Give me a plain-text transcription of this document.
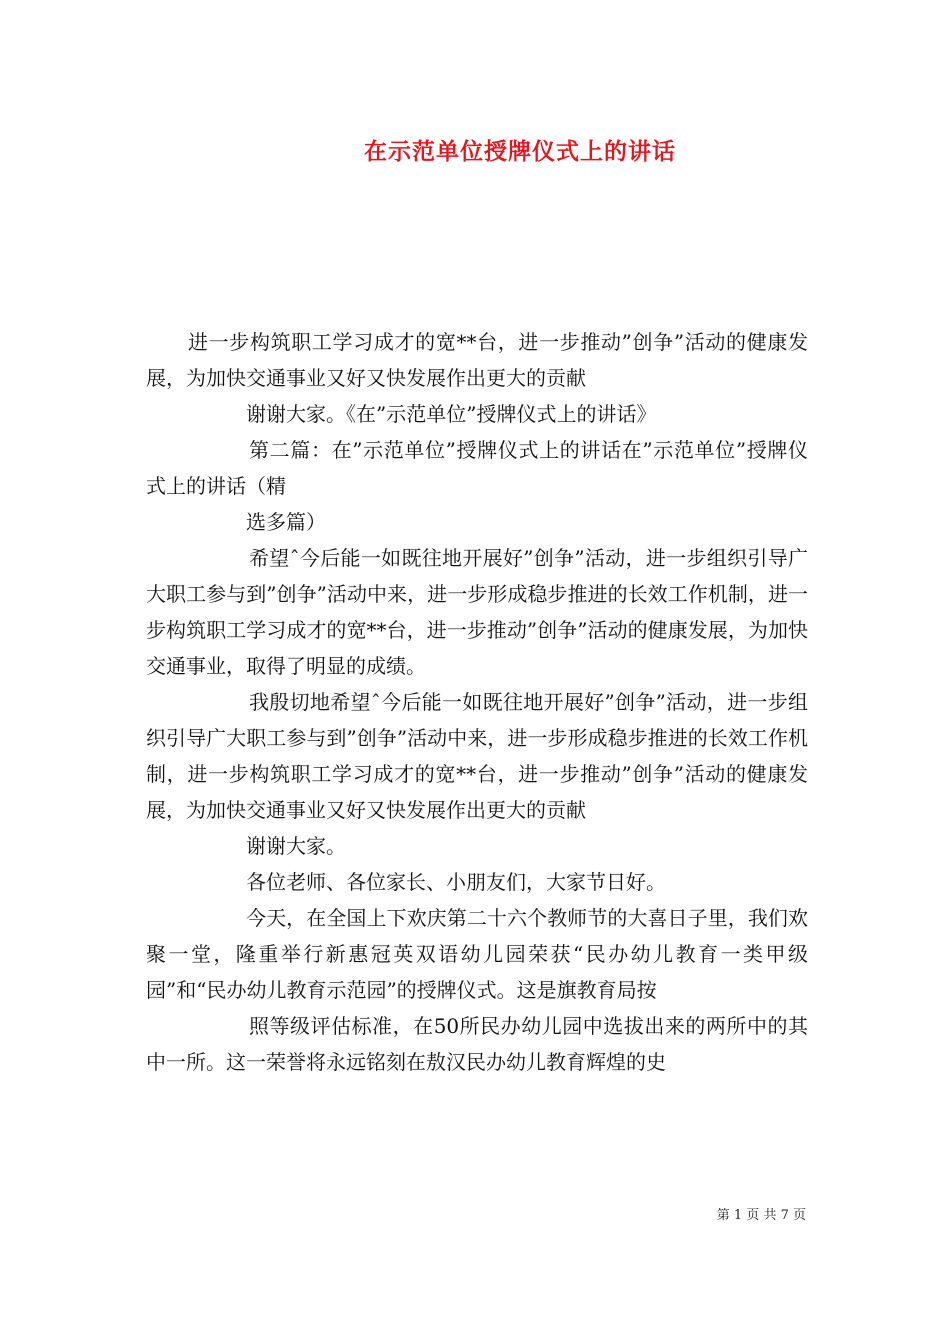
在示范单位授牌仪式上的讲话

进一步构筑职工学习成才的宽**台，进一步推动”创争”活动的健康发展，为加快交通事业又好又快发展作出更大的贡献

谢谢大家。《在”示范单位”授牌仪式上的讲话》

第二篇：在”示范单位”授牌仪式上的讲话在”示范单位”授牌仪式上的讲话（精

选多篇）

希望ˆ今后能一如既往地开展好”创争”活动，进一步组织引导广大职工参与到”创争”活动中来，进一步形成稳步推进的长效工作机制，进一步构筑职工学习成才的宽**台，进一步推动”创争”活动的健康发展，为加快交通事业，取得了明显的成绩。

我殷切地希望ˆ今后能一如既往地开展好”创争”活动，进一步组织引导广大职工参与到”创争”活动中来，进一步形成稳步推进的长效工作机制，进一步构筑职工学习成才的宽**台，进一步推动”创争”活动的健康发展，为加快交通事业又好又快发展作出更大的贡献

谢谢大家。

各位老师、各位家长、小朋友们，大家节日好。

今天，在全国上下欢庆第二十六个教师节的大喜日子里，我们欢聚一堂，隆重举行新惠冠英双语幼儿园荣获“民办幼儿教育一类甲级园”和“民办幼儿教育示范园”的授牌仪式。这是旗教育局按

照等级评估标准，在50所民办幼儿园中选拔出来的两所中的其中一所。这一荣誉将永远铭刻在敖汉民办幼儿教育辉煌的史

第 1 页 共 7 页
